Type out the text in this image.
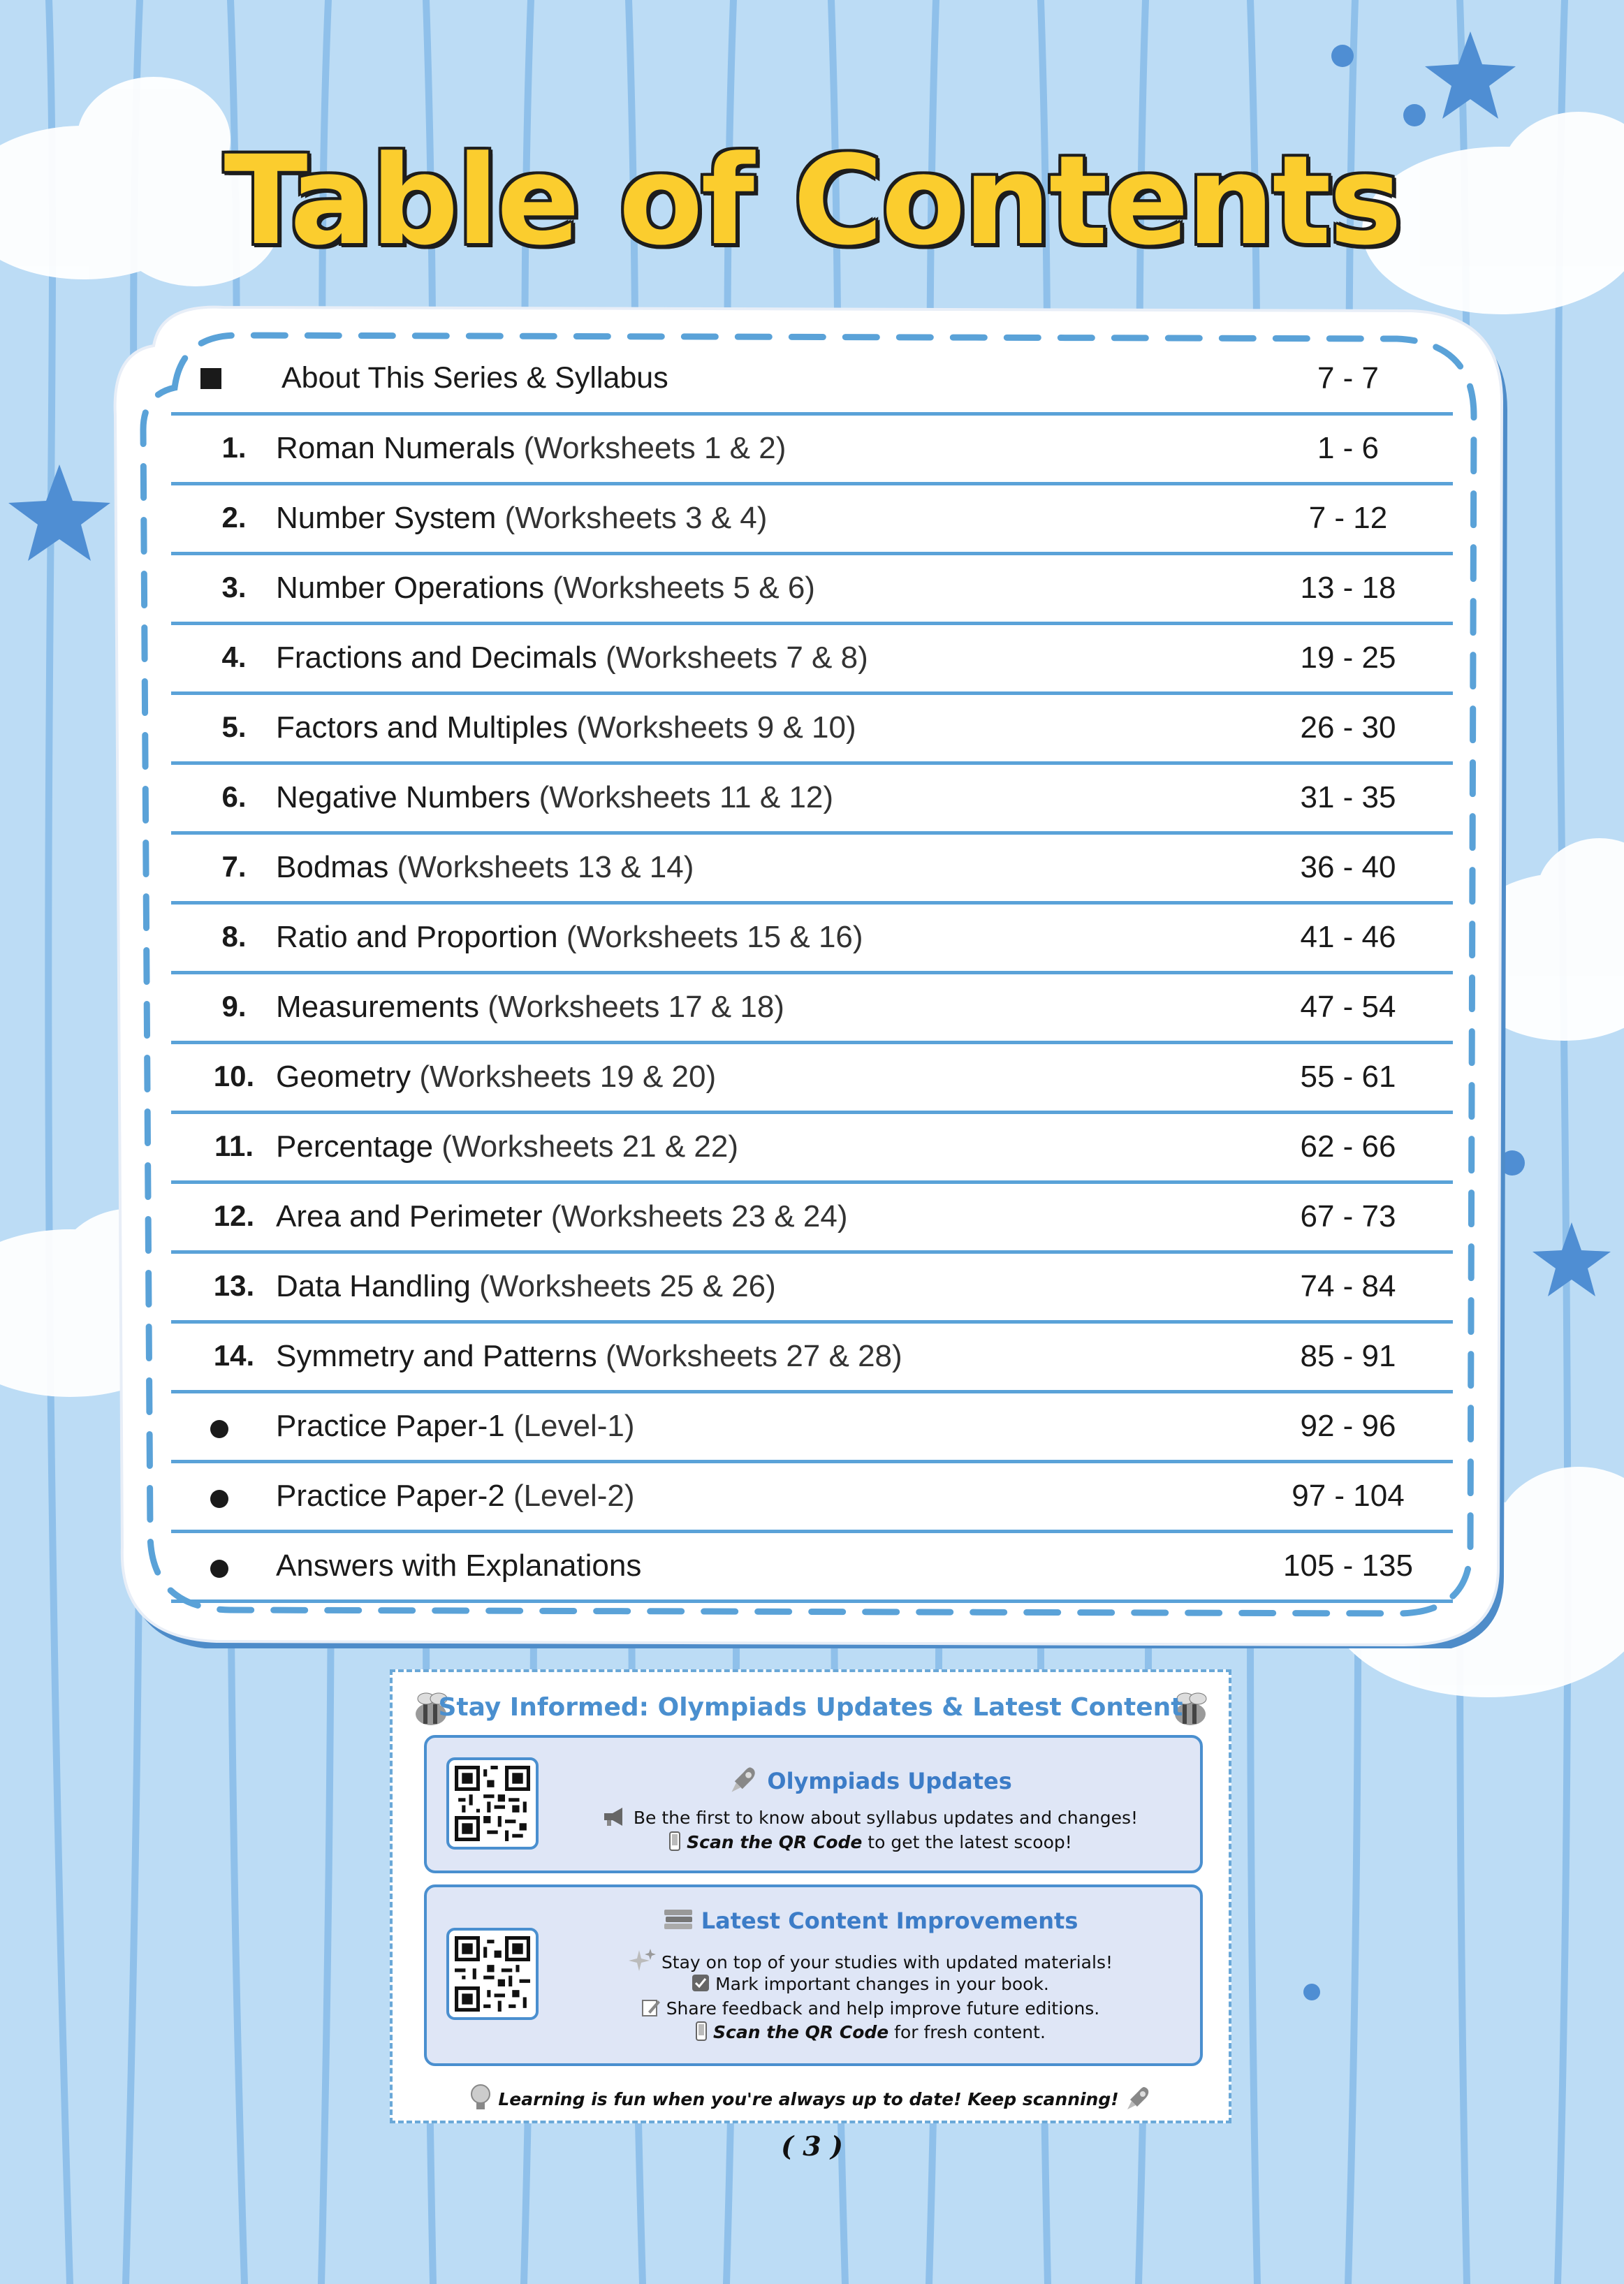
Table of Contents
About This Series & Syllabus	7 - 7
1. Roman Numerals (Worksheets 1 & 2)	1 - 6
2. Number System (Worksheets 3 & 4)	7 - 12
3. Number Operations (Worksheets 5 & 6)	13 - 18
4. Fractions and Decimals (Worksheets 7 & 8)	19 - 25
5. Factors and Multiples (Worksheets 9 & 10)	26 - 30
6. Negative Numbers (Worksheets 11 & 12)	31 - 35
7. Bodmas (Worksheets 13 & 14)	36 - 40
8. Ratio and Proportion (Worksheets 15 & 16)	41 - 46
9. Measurements (Worksheets 17 & 18)	47 - 54
10. Geometry (Worksheets 19 & 20)	55 - 61
11. Percentage (Worksheets 21 & 22)	62 - 66
12. Area and Perimeter (Worksheets 23 & 24)	67 - 73
13. Data Handling (Worksheets 25 & 26)	74 - 84
14. Symmetry and Patterns (Worksheets 27 & 28)	85 - 91
Practice Paper-1 (Level-1)	92 - 96
Practice Paper-2 (Level-2)	97 - 104
Answers with Explanations	105 - 135
Stay Informed: Olympiads Updates & Latest Content
Olympiads Updates
Be the first to know about syllabus updates and changes!
Scan the QR Code to get the latest scoop!
Latest Content Improvements
Stay on top of your studies with updated materials!
Mark important changes in your book.
Share feedback and help improve future editions.
Scan the QR Code for fresh content.
Learning is fun when you're always up to date! Keep scanning!
( 3 )
